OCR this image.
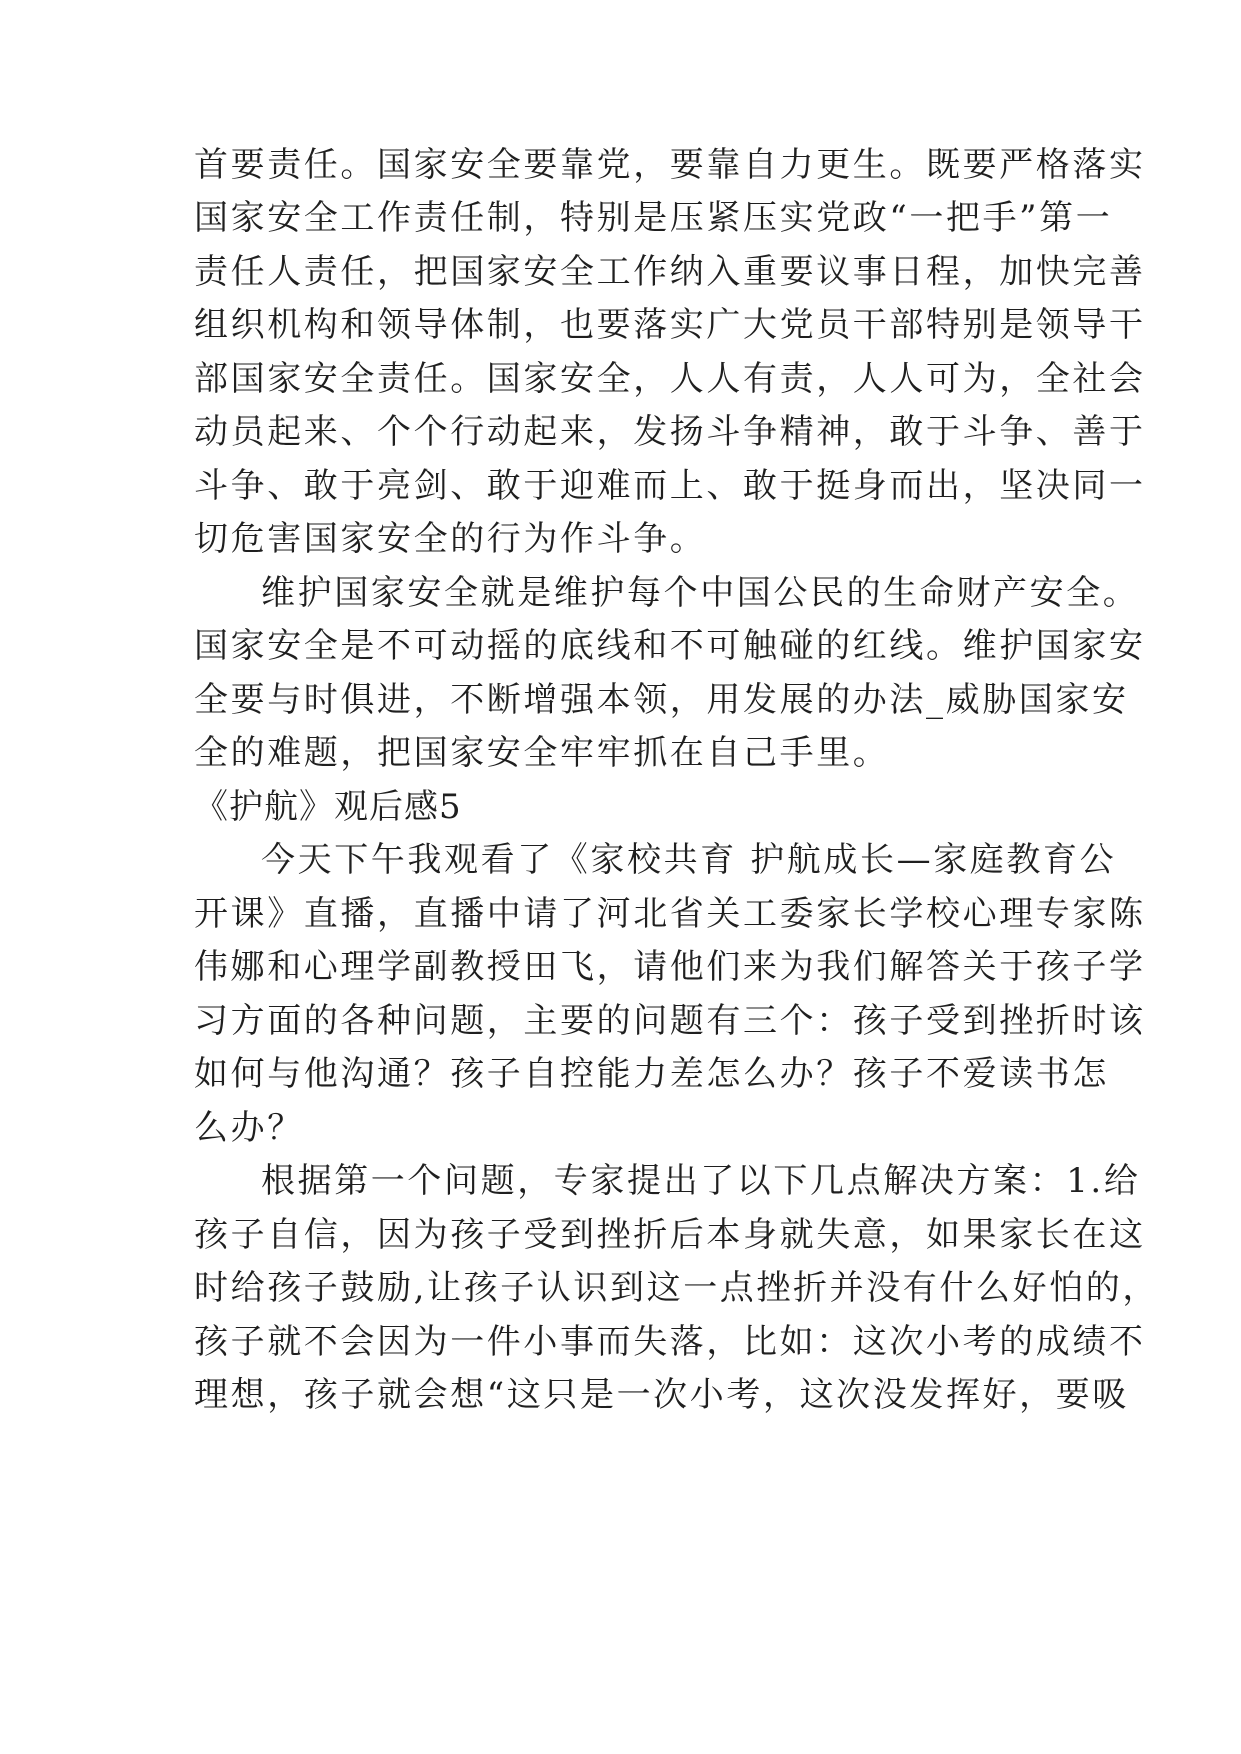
首要责任。国家安全要靠党，要靠自力更生。既要严格落实

国家安全工作责任制，特别是压紧压实党政“一把手”第一

责任人责任，把国家安全工作纳入重要议事日程，加快完善

组织机构和领导体制，也要落实广大党员干部特别是领导干

部国家安全责任。国家安全，人人有责，人人可为，全社会

动员起来、个个行动起来，发扬斗争精神，敢于斗争、善于

斗争、敢于亮剑、敢于迎难而上、敢于挺身而出，坚决同一

切危害国家安全的行为作斗争。

维护国家安全就是维护每个中国公民的生命财产安全。

国家安全是不可动摇的底线和不可触碰的红线。维护国家安

全要与时俱进，不断增强本领，用发展的办法_威胁国家安

全的难题，把国家安全牢牢抓在自己手里。

《护航》观后感5

今天下午我观看了《家校共育 护航成长—家庭教育公

开课》直播，直播中请了河北省关工委家长学校心理专家陈

伟娜和心理学副教授田飞，请他们来为我们解答关于孩子学

习方面的各种问题，主要的问题有三个：孩子受到挫折时该

如何与他沟通？孩子自控能力差怎么办？孩子不爱读书怎

么办？

根据第一个问题，专家提出了以下几点解决方案：1.给

孩子自信，因为孩子受到挫折后本身就失意，如果家长在这

时给孩子鼓励,让孩子认识到这一点挫折并没有什么好怕的，

孩子就不会因为一件小事而失落，比如：这次小考的成绩不

理想，孩子就会想“这只是一次小考，这次没发挥好，要吸
